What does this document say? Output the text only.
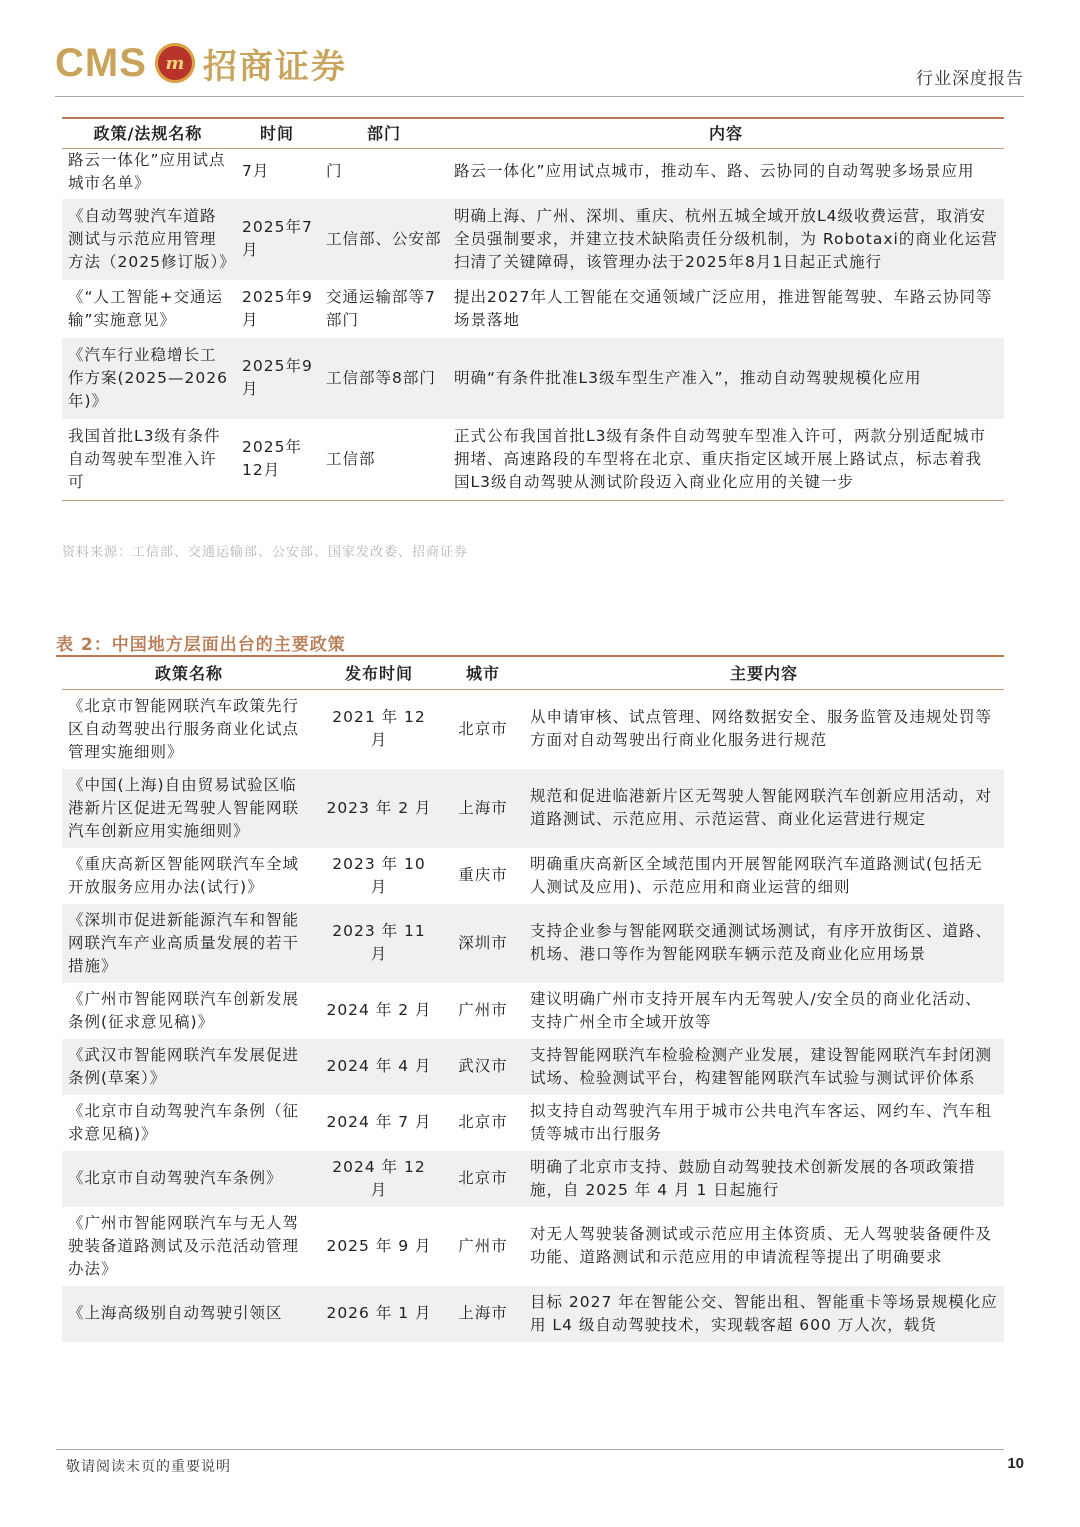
CMS	m 招商证券	行业深度报告
政策/法规名称	时间	部门	内容
路云一体化”应用试点城市名单》	7月	门	路云一体化”应用试点城市，推动车、路、云协同的自动驾驶多场景应用
《自动驾驶汽车道路测试与示范应用管理方法（2025修订版）》	2025年7月	工信部、公安部	明确上海、广州、深圳、重庆、杭州五城全域开放L4级收费运营，取消安全员强制要求，并建立技术缺陷责任分级机制，为 Robotaxi的商业化运营扫清了关键障碍，该管理办法于2025年8月1日起正式施行
《“人工智能+交通运输”实施意见》	2025年9月	交通运输部等7部门	提出2027年人工智能在交通领域广泛应用，推进智能驾驶、车路云协同等场景落地
《汽车行业稳增长工作方案(2025—2026年)》	2025年9月	工信部等8部门	明确“有条件批准L3级车型生产准入”，推动自动驾驶规模化应用
我国首批L3级有条件自动驾驶车型准入许可	2025年12月	工信部	正式公布我国首批L3级有条件自动驾驶车型准入许可，两款分别适配城市拥堵、高速路段的车型将在北京、重庆指定区域开展上路试点，标志着我国L3级自动驾驶从测试阶段迈入商业化应用的关键一步
资料来源：工信部、交通运输部、公安部、国家发改委、招商证券
表 2：中国地方层面出台的主要政策
政策名称	发布时间	城市	主要内容
《北京市智能网联汽车政策先行区自动驾驶出行服务商业化试点管理实施细则》	2021 年 12 月	北京市	从申请审核、试点管理、网络数据安全、服务监管及违规处罚等方面对自动驾驶出行商业化服务进行规范
《中国(上海)自由贸易试验区临港新片区促进无驾驶人智能网联汽车创新应用实施细则》	2023 年 2 月	上海市	规范和促进临港新片区无驾驶人智能网联汽车创新应用活动，对道路测试、示范应用、示范运营、商业化运营进行规定
《重庆高新区智能网联汽车全域开放服务应用办法(试行)》	2023 年 10 月	重庆市	明确重庆高新区全域范围内开展智能网联汽车道路测试(包括无人测试及应用)、示范应用和商业运营的细则
《深圳市促进新能源汽车和智能网联汽车产业高质量发展的若干措施》	2023 年 11 月	深圳市	支持企业参与智能网联交通测试场测试，有序开放街区、道路、机场、港口等作为智能网联车辆示范及商业化应用场景
《广州市智能网联汽车创新发展条例(征求意见稿)》	2024 年 2 月	广州市	建议明确广州市支持开展车内无驾驶人/安全员的商业化活动、支持广州全市全域开放等
《武汉市智能网联汽车发展促进条例(草案）》	2024 年 4 月	武汉市	支持智能网联汽车检验检测产业发展，建设智能网联汽车封闭测试场、检验测试平台，构建智能网联汽车试验与测试评价体系
《北京市自动驾驶汽车条例（征求意见稿)》	2024 年 7 月	北京市	拟支持自动驾驶汽车用于城市公共电汽车客运、网约车、汽车租赁等城市出行服务
《北京市自动驾驶汽车条例》	2024 年 12 月	北京市	明确了北京市支持、鼓励自动驾驶技术创新发展的各项政策措施，自 2025 年 4 月 1 日起施行
《广州市智能网联汽车与无人驾驶装备道路测试及示范活动管理办法》	2025 年 9 月	广州市	对无人驾驶装备测试或示范应用主体资质、无人驾驶装备硬件及功能、道路测试和示范应用的申请流程等提出了明确要求
《上海高级别自动驾驶引领区	2026 年 1 月	上海市	目标 2027 年在智能公交、智能出租、智能重卡等场景规模化应用 L4 级自动驾驶技术，实现载客超 600 万人次，载货
敬请阅读末页的重要说明	10
